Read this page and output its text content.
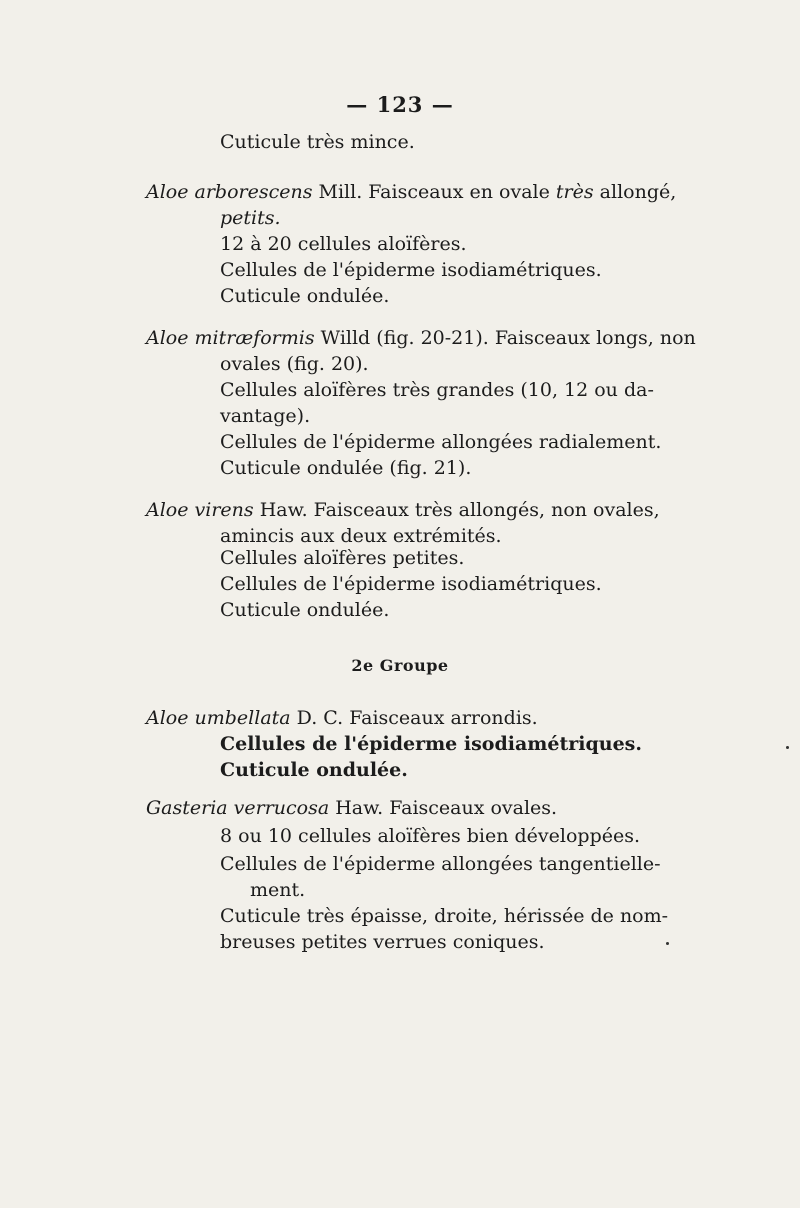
— 123 —
Cuticule très mince.
Aloe arborescens Mill. Faisceaux en ovale très allongé,
petits.
12 à 20 cellules aloïfères.
Cellules de l'épiderme isodiamétriques.
Cuticule ondulée.
Aloe mitræformis Willd (fig. 20-21). Faisceaux longs, non
ovales (fig. 20).
Cellules aloïfères très grandes (10, 12 ou da-
vantage).
Cellules de l'épiderme allongées radialement.
Cuticule ondulée (fig. 21).
Aloe virens Haw. Faisceaux très allongés, non ovales,
amincis aux deux extrémités.
Cellules aloïfères petites.
Cellules de l'épiderme isodiamétriques.
Cuticule ondulée.
2e Groupe
Aloe umbellata D. C. Faisceaux arrondis.
Cellules de l'épiderme isodiamétriques.
Cuticule ondulée.
Gasteria verrucosa Haw. Faisceaux ovales.
8 ou 10 cellules aloïfères bien développées.
Cellules de l'épiderme allongées tangentielle-
ment.
Cuticule très épaisse, droite, hérissée de nom-
breuses petites verrues coniques.
